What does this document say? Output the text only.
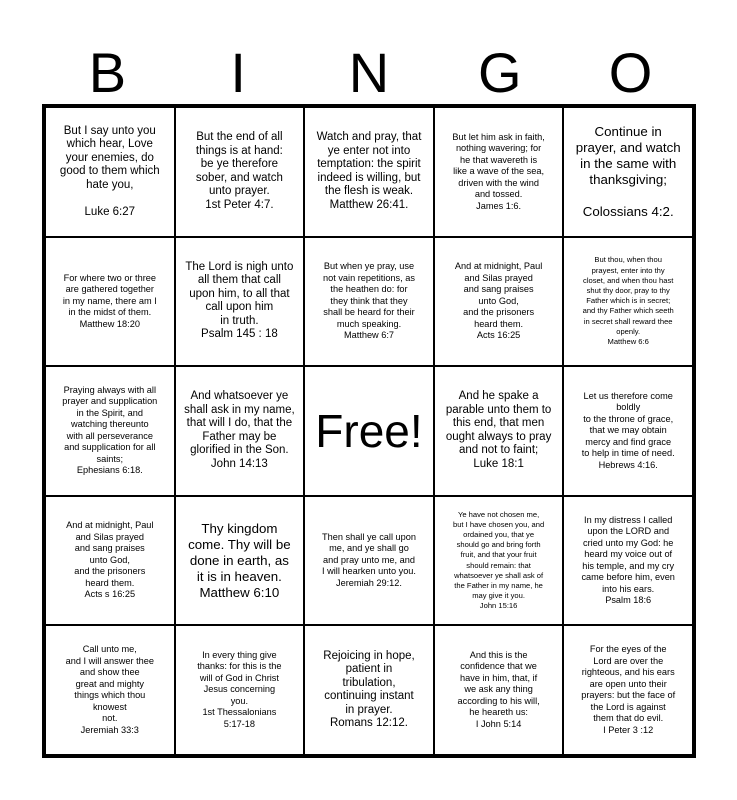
B	I	N	G	O
But I say unto you
which hear, Love
your enemies, do
good to them which
hate you,

Luke 6:27
But the end of all
things is at hand:
be ye therefore
sober, and watch
unto prayer.

1st Peter 4:7.
Watch and pray, that
ye enter not into
temptation: the spirit
indeed is willing, but
the flesh is weak.

Matthew 26:41.
But let him ask in faith,
nothing wavering; for
he that wavereth is
like a wave of the sea,
driven with the wind
and tossed.

James 1:6.
Continue in
prayer, and watch
in the same with
thanksgiving;

Colossians 4:2.
For where two or three
are gathered together
in my name, there am I
in the midst of them.

Matthew 18:20
The Lord is nigh unto
all them that call
upon him, to all that
call upon him
in truth.

Psalm 145 : 18
But when ye pray, use
not vain repetitions, as
the heathen do: for
they think that they
shall be heard for their
much speaking.

Matthew 6:7
And at midnight, Paul
and Silas prayed
and sang praises
unto God,
and the prisoners
heard them.

Acts 16:25
But thou, when thou
prayest, enter into thy
closet, and when thou hast
shut thy door, pray to thy
Father which is in secret;
and thy Father which seeth
in secret shall reward thee
openly.

Matthew 6:6
Praying always with all
prayer and supplication
in the Spirit, and
watching thereunto
with all perseverance
and supplication for all
saints;

Ephesians 6:18.
And whatsoever ye
shall ask in my name,
that will I do, that the
Father may be
glorified in the Son.

John 14:13
Free!
And he spake a
parable unto them to
this end, that men
ought always to pray
and not to faint;

Luke 18:1
Let us therefore come
boldly
to the throne of grace,
that we may obtain
mercy and find grace
to help in time of need.

Hebrews 4:16.
And at midnight, Paul
and Silas prayed
and sang praises
unto God,
and the prisoners
heard them.

Acts s 16:25
Thy kingdom
come. Thy will be
done in earth, as
it is in heaven.

Matthew 6:10
Then shall ye call upon
me, and ye shall go
and pray unto me, and
I will hearken unto you.

Jeremiah 29:12.
Ye have not chosen me,
but I have chosen you, and
ordained you, that ye
should go and bring forth
fruit, and that your fruit
should remain: that
whatsoever ye shall ask of
the Father in my name, he
may give it you.

John 15:16
In my distress I called
upon the LORD and
cried unto my God: he
heard my voice out of
his temple, and my cry
came before him, even
into his ears.

Psalm 18:6
Call unto me,
and I will answer thee
and show thee
great and mighty
things which thou
knowest
not.

Jeremiah 33:3
In every thing give
thanks: for this is the
will of God in Christ
Jesus concerning
you.

1st Thessalonians
5:17-18
Rejoicing in hope,
patient in
tribulation,
continuing instant
in prayer.

Romans 12:12.
And this is the
confidence that we
have in him, that, if
we ask any thing
according to his will,
he heareth us:

I John 5:14
For the eyes of the
Lord are over the
righteous, and his ears
are open unto their
prayers: but the face of
the Lord is against
them that do evil.

I Peter 3 :12
